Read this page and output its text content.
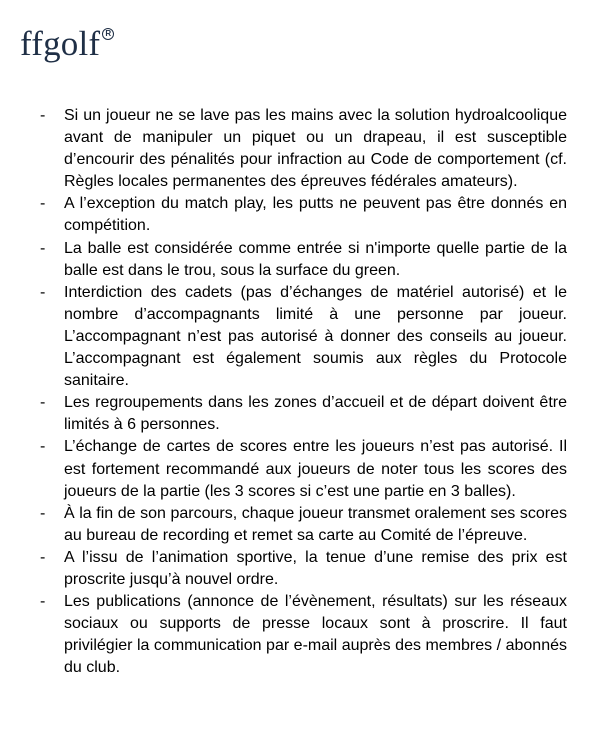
ffgolf R
-	Si un joueur ne se lave pas les mains avec la solution hydroalcoolique avant de manipuler un piquet ou un drapeau, il est susceptible d’encourir des pénalités pour infraction au Code de comportement (cf. Règles locales permanentes des épreuves fédérales amateurs).
-	A l’exception du match play, les putts ne peuvent pas être donnés en compétition.
-	La balle est considérée comme entrée si n'importe quelle partie de la balle est dans le trou, sous la surface du green.
-	Interdiction des cadets (pas d’échanges de matériel autorisé) et le nombre d’accompagnants limité à une personne par joueur. L’accompagnant n’est pas autorisé à donner des conseils au joueur. L’accompagnant est également soumis aux règles du Protocole sanitaire.
-	Les regroupements dans les zones d’accueil et de départ doivent être limités à 6 personnes.
-	L’échange de cartes de scores entre les joueurs n’est pas autorisé. Il est fortement recommandé aux joueurs de noter tous les scores des joueurs de la partie (les 3 scores si c’est une partie en 3 balles).
-	À la fin de son parcours, chaque joueur transmet oralement ses scores au bureau de recording et remet sa carte au Comité de l’épreuve.
-	A l’issu de l’animation sportive, la tenue d’une remise des prix est proscrite jusqu’à nouvel ordre.
-	Les publications (annonce de l’évènement, résultats) sur les réseaux sociaux ou supports de presse locaux sont à proscrire. Il faut privilégier la communication par e-mail auprès des membres / abonnés du club.
